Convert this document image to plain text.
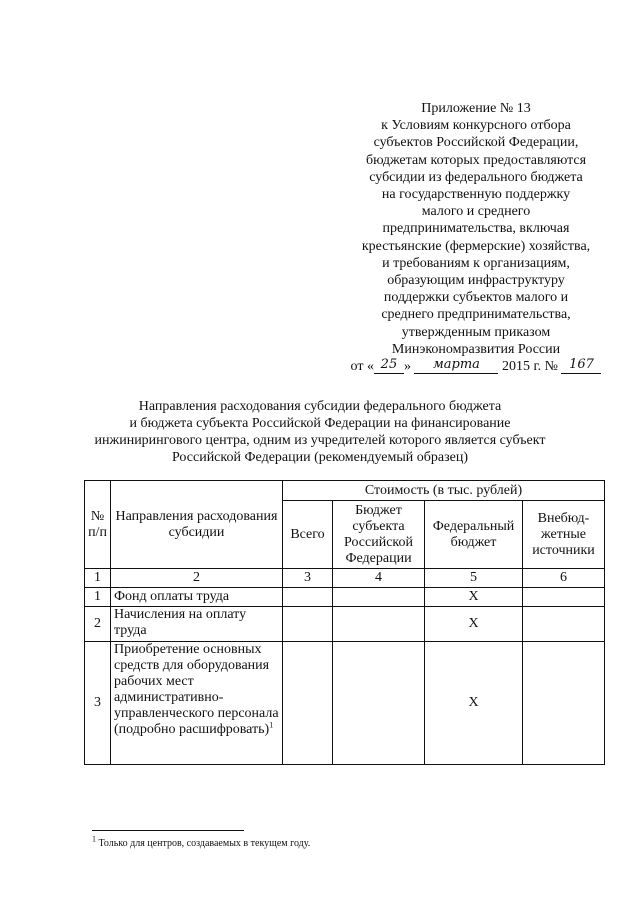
Приложение № 13
к Условиям конкурсного отбора
субъектов Российской Федерации,
бюджетам которых предоставляются
субсидии из федерального бюджета
на государственную поддержку
малого и среднего
предпринимательства, включая
крестьянские (фермерские) хозяйства,
и требованиям к организациям,
образующим инфраструктуру
поддержки субъектов малого и
среднего предпринимательства,
утвержденным приказом
Минэкономразвития России
от « 25 » марта 2015 г. № 167
Направления расходования субсидии федерального бюджета
и бюджета субъекта Российской Федерации на финансирование
инжинирингового центра, одним из учредителей которого является субъект
Российской Федерации (рекомендуемый образец)
№ п/п	Направления расходования субсидии	Стоимость (в тыс. рублей)			
		Всего	Бюджет субъекта Российской Федерации	Федеральный бюджет	Внебюд-жетные источники
1	2	3	4	5	6
1	Фонд оплаты труда			Х	
2	Начисления на оплату труда			Х	
3	Приобретение основных средств для оборудования рабочих мест административно-управленческого персонала (подробно расшифровать)$^1$			Х	
$^1$ Только для центров, создаваемых в текущем году.
